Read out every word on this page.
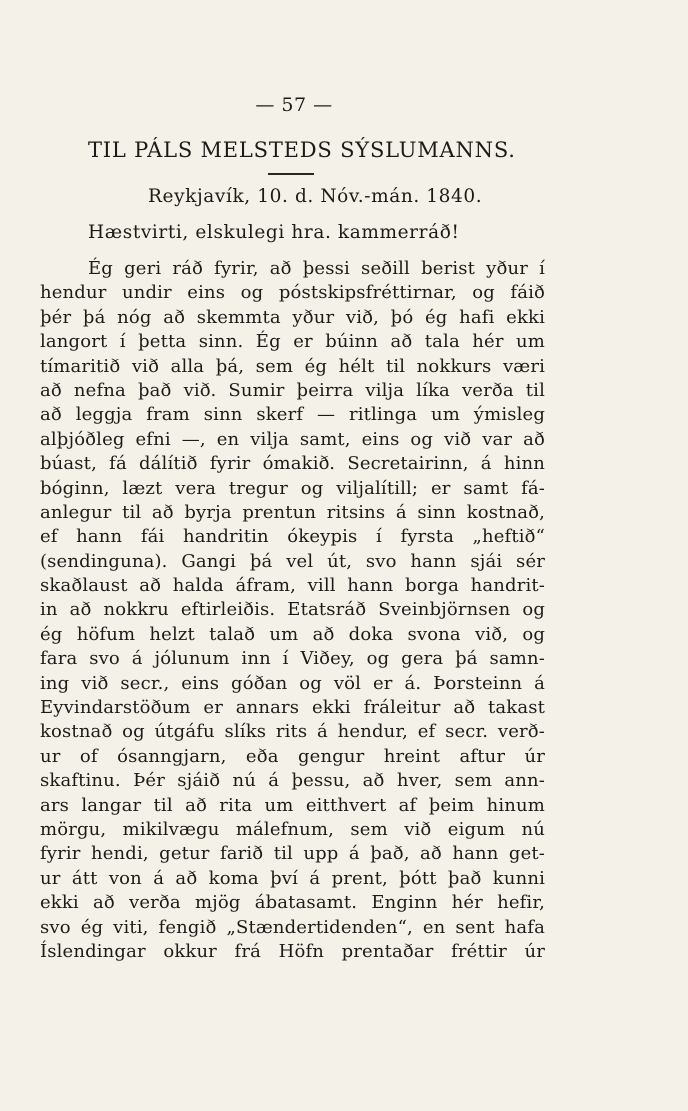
— 57 —
TIL PÁLS MELSTEDS SÝSLUMANNS.
Reykjavík, 10. d. Nóv.-mán. 1840.
Hæstvirti, elskulegi hra. kammerráð!
Ég geri ráð fyrir, að þessi seðill berist yður í
hendur undir eins og póstskipsfréttirnar, og fáið
þér þá nóg að skemmta yður við, þó ég hafi ekki
langort í þetta sinn. Ég er búinn að tala hér um
tímaritið við alla þá, sem ég hélt til nokkurs væri
að nefna það við. Sumir þeirra vilja líka verða til
að leggja fram sinn skerf — ritlinga um ýmisleg
alþjóðleg efni —, en vilja samt, eins og við var að
búast, fá dálítið fyrir ómakið. Secretairinn, á hinn
bóginn, læzt vera tregur og viljalítill; er samt fá-
anlegur til að byrja prentun ritsins á sinn kostnað,
ef hann fái handritin ókeypis í fyrsta „heftið“
(sendinguna). Gangi þá vel út, svo hann sjái sér
skaðlaust að halda áfram, vill hann borga handrit-
in að nokkru eftirleiðis. Etatsráð Sveinbjörnsen og
ég höfum helzt talað um að doka svona við, og
fara svo á jólunum inn í Viðey, og gera þá samn-
ing við secr., eins góðan og völ er á. Þorsteinn á
Eyvindarstöðum er annars ekki fráleitur að takast
kostnað og útgáfu slíks rits á hendur, ef secr. verð-
ur of ósanngjarn, eða gengur hreint aftur úr
skaftinu. Þér sjáið nú á þessu, að hver, sem ann-
ars langar til að rita um eitthvert af þeim hinum
mörgu, mikilvægu málefnum, sem við eigum nú
fyrir hendi, getur farið til upp á það, að hann get-
ur átt von á að koma því á prent, þótt það kunni
ekki að verða mjög ábatasamt. Enginn hér hefir,
svo ég viti, fengið „Stændertidenden“, en sent hafa
Íslendingar okkur frá Höfn prentaðar fréttir úr
